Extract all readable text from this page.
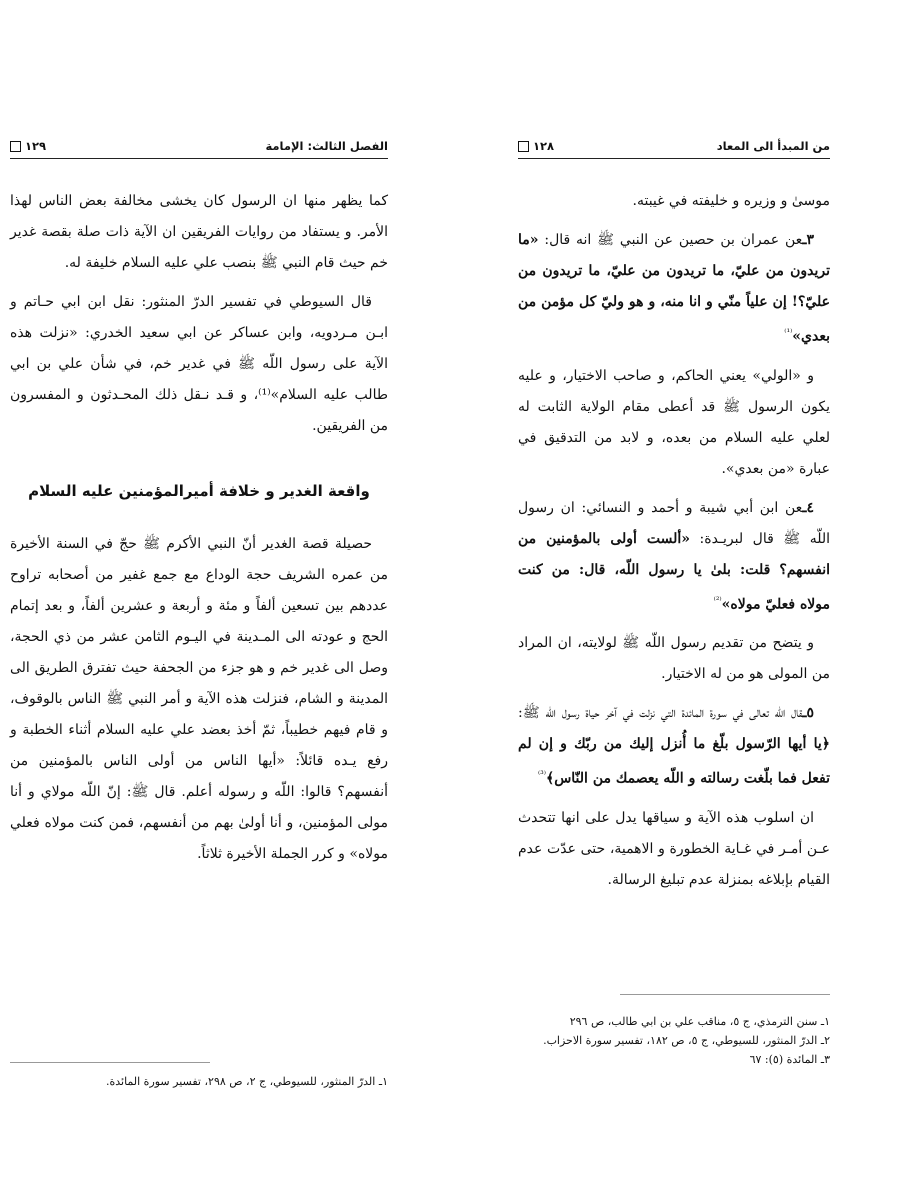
الفصل الثالث: الإمامة
١٢٩

كما يظهر منها ان الرسول كان يخشى مخالفة بعض الناس لهذا الأمر. و يستفاد من روايات الفريقين ان الآية ذات صلة بقصة غدير خم حيث قام النبي ﷺ بنصب علي عليه السلام خليفة له.

قال السيوطي في تفسير الدرّ المنثور: نقل ابن ابي حـاتم و ابـن مـردويه، وابن عساكر عن ابي سعيد الخدري: «نزلت هذه الآية على رسول اللّه ﷺ في غدير خم، في شأن علي بن ابي طالب عليه السلام»⁽¹⁾، و قـد نـقل ذلك المحـدثون و المفسرون من الفريقين.

واقعة الغدير و خلافة أميرالمؤمنين عليه السلام

حصيلة قصة الغدير أنّ النبي الأكرم ﷺ حجّ في السنة الأخيرة من عمره الشريف حجة الوداع مع جمع غفير من أصحابه تراوح عددهم بين تسعين ألفاً و مئة و أربعة و عشرين ألفاً، و بعد إتمام الحج و عودته الى المـدينة في اليـوم الثامن عشر من ذي الحجة، وصل الى غدير خم و هو جزء من الجحفة حيث تفترق الطريق الى المدينة و الشام، فنزلت هذه الآية و أمر النبي ﷺ الناس بالوقوف، و قام فيهم خطيباً، ثمّ أخذ بعضد علي عليه السلام أثناء الخطبة و رفع يـده قائلاً: «أيها الناس من أولى الناس بالمؤمنين من أنفسهم؟ قالوا: اللّه و رسوله أعلم. قال ﷺ: إنّ اللّه مولاي و أنا مولى المؤمنين، و أنا أولىٰ بهم من أنفسهم، فمن كنت مولاه فعلي مولاه» و كرر الجملة الأخيرة ثلاثاً.

١ـ الدرّ المنثور، للسيوطي، ج ٢، ص ٢٩٨، تفسير سورة المائدة.
من المبدأ الى المعاد
١٢٨

موسىٰ و وزيره و خليفته في غيبته.

٣ـعن عمران بن حصين عن النبي ﷺ انه قال: «ما تريدون من عليّ، ما تريدون من عليّ، ما تريدون من عليّ؟! إن علياً منّي و انا منه، و هو وليّ كل مؤمن من بعدي»$^{^{(1)}}$

و «الولي» يعني الحاكم، و صاحب الاختيار، و عليه يكون الرسول ﷺ قد أعطى مقام الولاية الثابت له لعلي عليه السلام من بعده، و لابد من التدقيق في عبارة «من بعدي».

٤ـعن ابن أبي شيبة و أحمد و النسائي: ان رسول اللّه ﷺ قال لبريـدة: «ألست أولى بالمؤمنين من انفسهم؟ قلت: بلىٰ يا رسول اللّه، قال: من كنت مولاه فعليّ مولاه»$^{^{(2)}}$

و يتضح من تقديم رسول اللّه ﷺ لولايته، ان المراد من المولى هو من له الاختيار.

٥ـقال اللّه تعالى في سورة المائدة التي نزلت في آخر حياة رسول اللّه ﷺ: ﴿يا أيها الرّسول بلّغ ما أُنزل إليك من ربّك و إن لم تفعل فما بلّغت رسالته و اللّه يعصمك من النّاس﴾$^{^{(3)}}$

ان اسلوب هذه الآية و سياقها يدل على انها تتحدث عـن أمـر في غـاية الخطورة و الاهمية، حتى عدّت عدم القيام بإبلاغه بمنزلة عدم تبليغ الرسالة.

١ـ سنن الترمذي، ج ٥، مناقب علي بن ابي طالب، ص ٢٩٦
٢ـ الدرّ المنثور، للسيوطي، ج ٥، ص ١٨٢، تفسير سورة الاحزاب.
٣ـ المائدة (٥): ٦٧
